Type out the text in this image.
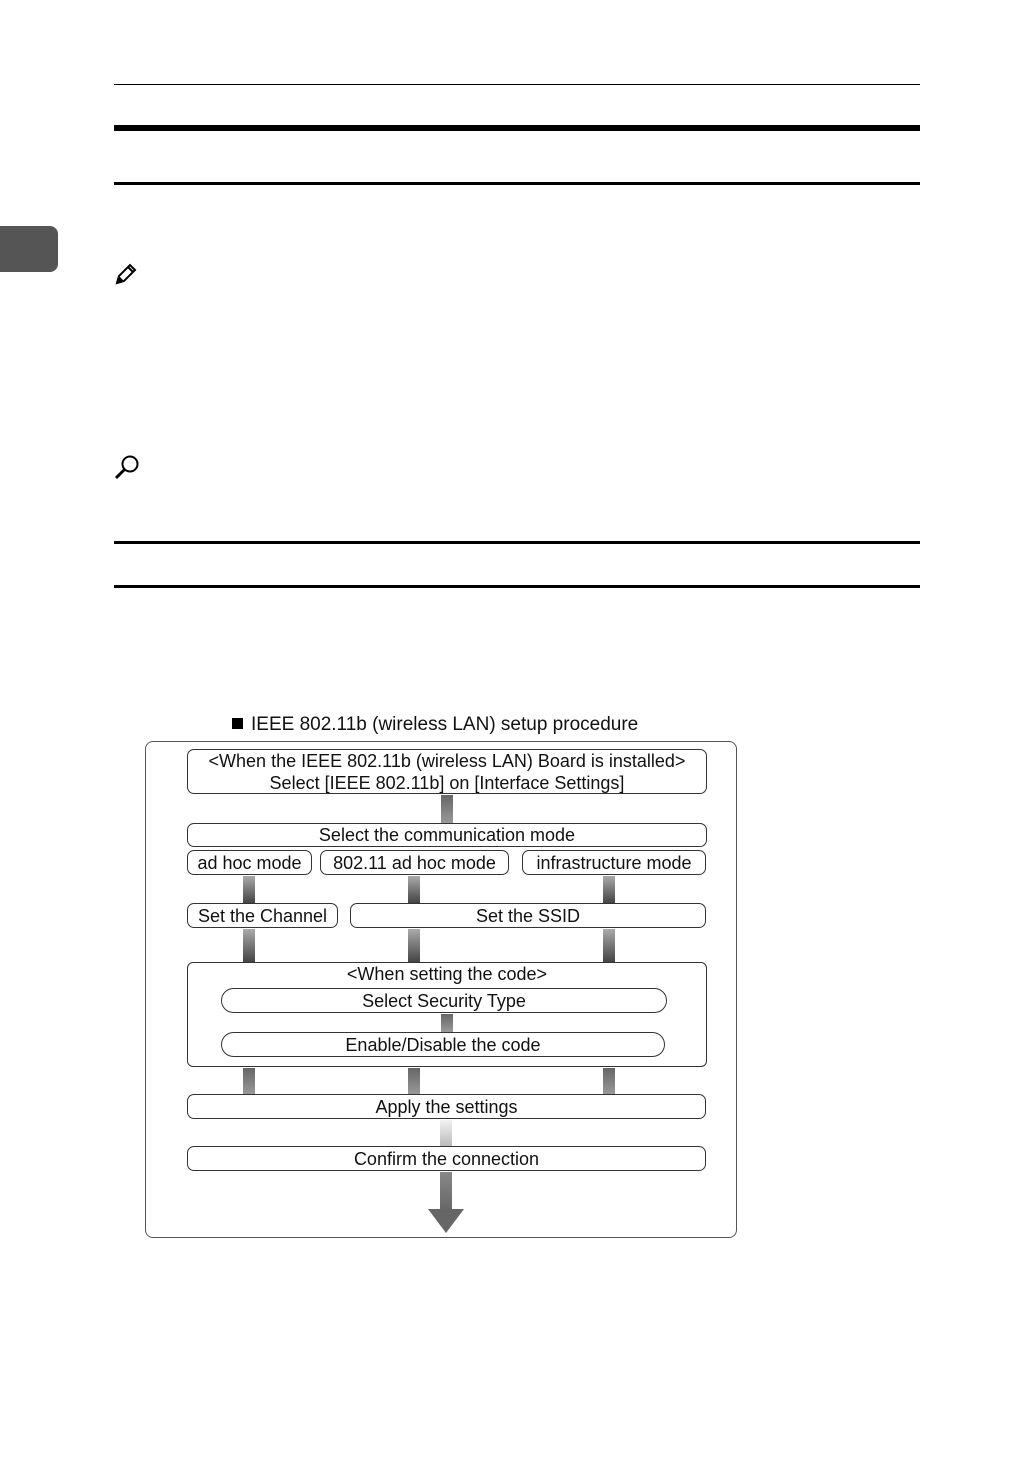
IEEE 802.11b (wireless LAN) setup procedure
<When the IEEE 802.11b (wireless LAN) Board is installed>
Select [IEEE 802.11b] on [Interface Settings]
Select the communication mode
ad hoc mode	802.11 ad hoc mode	infrastructure mode
Set the Channel	Set the SSID
<When setting the code>
Select Security Type
Enable/Disable the code
Apply the settings
Confirm the connection
